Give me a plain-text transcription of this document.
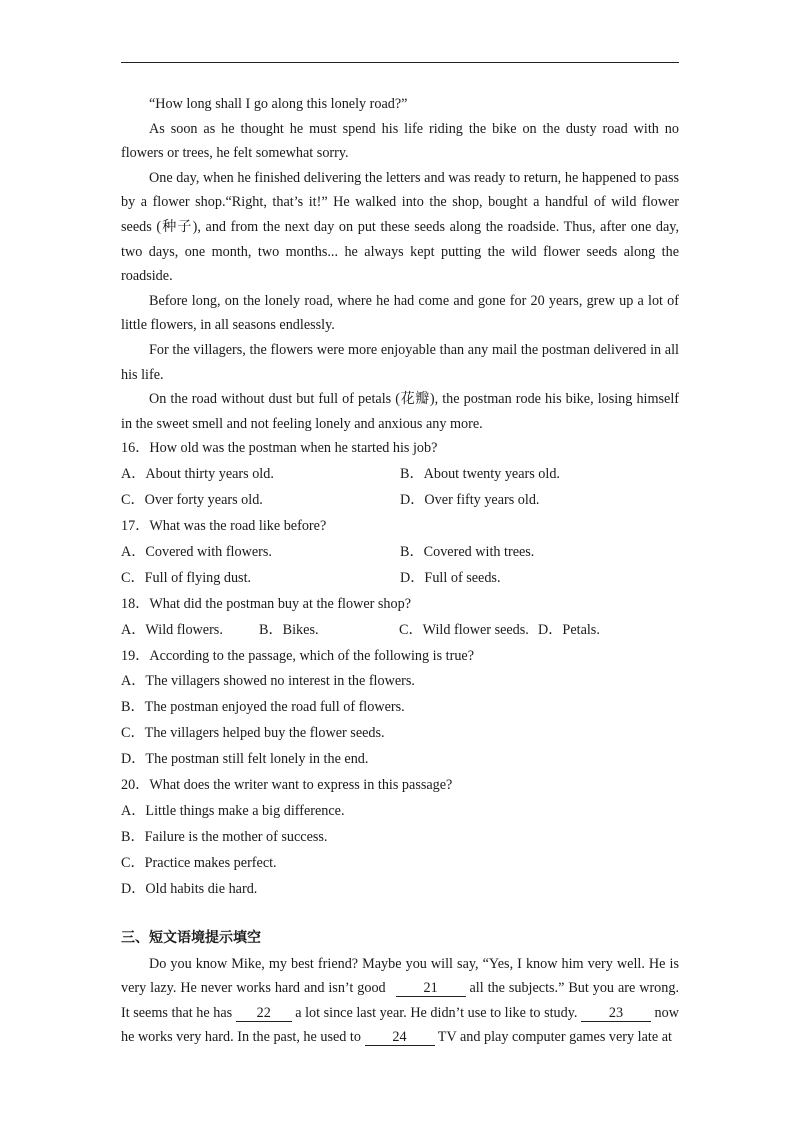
“How long shall I go along this lonely road?”

As soon as he thought he must spend his life riding the bike on the dusty road with no flowers or trees, he felt somewhat sorry.

One day, when he finished delivering the letters and was ready to return, he happened to pass by a flower shop.“Right, that’s it!” He walked into the shop, bought a handful of wild flower seeds (种子), and from the next day on put these seeds along the roadside. Thus, after one day, two days, one month, two months... he always kept putting the wild flower seeds along the roadside.

Before long, on the lonely road, where he had come and gone for 20 years, grew up a lot of little flowers, in all seasons endlessly.

For the villagers, the flowers were more enjoyable than any mail the postman delivered in all his life.

On the road without dust but full of petals (花瓣), the postman rode his bike, losing himself in the sweet smell and not feeling lonely and anxious any more.

16．How old was the postman when he started his job?

A．About thirty years old.	B．About twenty years old.
C．Over forty years old.	D．Over fifty years old.

17．What was the road like before?

A．Covered with flowers.	B．Covered with trees.
C．Full of flying dust.	D．Full of seeds.

18．What did the postman buy at the flower shop?

A．Wild flowers.	B．Bikes.	C．Wild flower seeds. D．Petals.

19．According to the passage, which of the following is true?

A．The villagers showed no interest in the flowers.

B．The postman enjoyed the road full of flowers.

C．The villagers helped buy the flower seeds.

D．The postman still felt lonely in the end.

20．What does the writer want to express in this passage?

A．Little things make a big difference.

B．Failure is the mother of success.

C．Practice makes perfect.

D．Old habits die hard.

三、短文语境提示填空

Do you know Mike, my best friend? Maybe you will say, “Yes, I know him very well. He is very lazy. He never works hard and isn’t good 21 all the subjects.” But you are wrong. It seems that he has 22 a lot since last year. He didn’t use to like to study. 23 now he works very hard. In the past, he used to 24 TV and play computer games very late at
